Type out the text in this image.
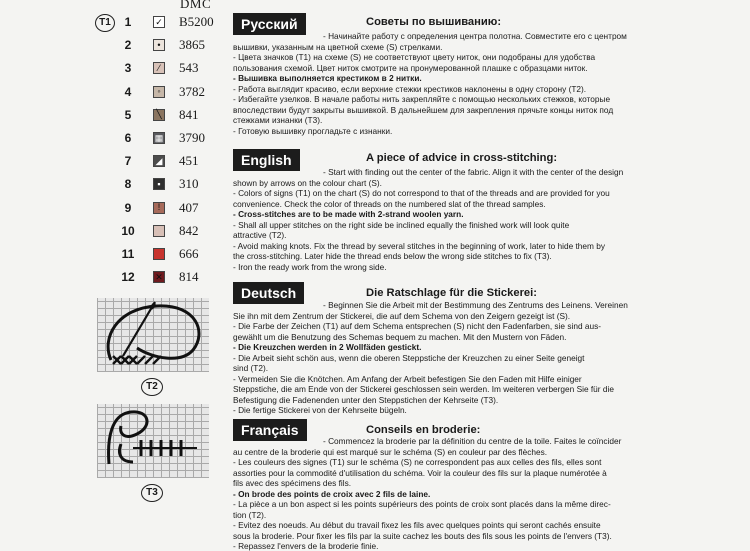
DMC
T1	1	✓ B5200
2	•	3865
3	⁄	543
4	◦	3782
5	╲ 841
6	▦ 3790
7	◢ 451
8	▪	310
9	!	407
10	842
11	666
12	✕ 814
T2
T3
Русский	Советы по вышиванию:

- Начинайте работу с определения центра полотна. Совместите его с центром

вышивки, указанным на цветной схеме (S) стрелками.

- Цвета значков (Т1) на схеме (S) не соответствуют цвету ниток, они подобраны для удобства

пользования схемой. Цвет ниток смотрите на пронумерованной плашке с образцами ниток.

- Вышивка выполняется крестиком в 2 нитки.

- Работа выглядит красиво, если верхние стежки крестиков наклонены в одну сторону (Т2).

- Избегайте узелков. В начале работы нить закрепляйте с помощью нескольких стежков, которые

впоследствии будут закрыты вышивкой. В дальнейшем для закрепления прячьте концы ниток под

стежками изнанки (Т3).

- Готовую вышивку прогладьте с изнанки.

English	A piece of advice in cross-stitching:

- Start with finding out the center of the fabric. Align it with the center of the design

shown by arrows on the colour chart (S).

- Colors of signs (T1) on the chart (S) do not correspond to that of the threads and are provided for you

convenience. Check the color of threads on the numbered slat of the thread samples.

- Cross-stitches are to be made with 2-strand woolen yarn.

- Shall all upper stitches on the right side be inclined equally the finished work will look quite

attractive (T2).

- Avoid making knots. Fix the thread by several stitches in the beginning of work, later to hide them by

the cross-stitching. Later hide the thread ends below the wrong side stitches to fix (T3).

- Iron the ready work from the wrong side.

Deutsch	Die Ratschlage für die Stickerei:

- Beginnen Sie die Arbeit mit der Bestimmung des Zentrums des Leinens. Vereinen

Sie ihn mit dem Zentrum der Stickerei, die auf dem Schema von den Zeigern gezeigt ist (S).

- Die Farbe der Zeichen (T1) auf dem Schema entsprechen (S) nicht den Fadenfarben, sie sind aus-

gewählt um die Benutzung des Schemas bequem zu machen. Mit den Mustern von Fäden.

- Die Kreuzchen werden in 2 Wollfäden gestickt.

- Die Arbeit sieht schön aus, wenn die oberen Steppstiche der Kreuzchen zu einer Seite geneigt

sind (T2).

- Vermeiden Sie die Knötchen. Am Anfang der Arbeit befestigen Sie den Faden mit Hilfe einiger

Steppstiche, die am Ende von der Stickerei geschlossen sein werden. Im weiteren verbergen Sie für die

Befestigung die Fadenenden unter den Steppstichen der Kehrseite (T3).

- Die fertige Stickerei von der Kehrseite bügeln.

Français	Conseils en broderie:

- Commencez la broderie par la définition du centre de la toile. Faites le coïncider

au centre de la broderie qui est marqué sur le schéma (S) en couleur par des flèches.

- Les couleurs des signes (T1) sur le schéma (S) ne correspondent pas aux celles des fils, elles sont

assorties pour la commodité d'utilisation du schéma. Voir la couleur des fils sur la plaque numérotée à

fils avec des spécimens des fils.

- On brode des points de croix avec 2 fils de laine.

- La pièce a un bon aspect si les points supérieurs des points de croix sont placés dans la même direc-

tion (T2).

- Evitez des noeuds. Au début du travail fixez les fils avec quelques points qui seront cachés ensuite

sous la broderie. Pour fixer les fils par la suite cachez les bouts des fils sous les points de l'envers (T3).

- Repassez l'envers de la broderie finie.
